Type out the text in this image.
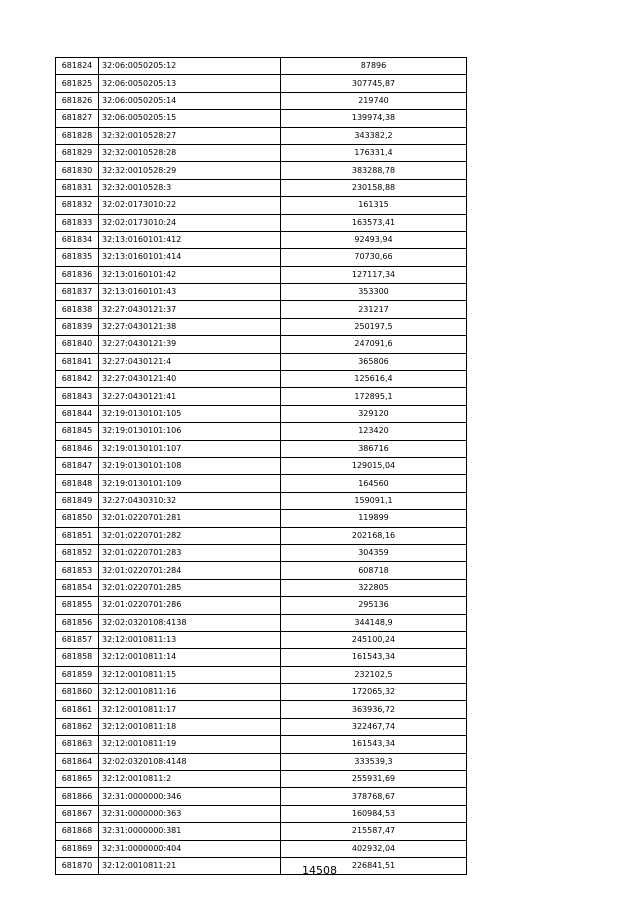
681824	32:06:0050205:12	87896
681825	32:06:0050205:13	307745,87
681826	32:06:0050205:14	219740
681827	32:06:0050205:15	139974,38
681828	32:32:0010528:27	343382,2
681829	32:32:0010528:28	176331,4
681830	32:32:0010528:29	383288,78
681831	32:32:0010528:3	230158,88
681832	32:02:0173010:22	161315
681833	32:02:0173010:24	163573,41
681834	32:13:0160101:412	92493,94
681835	32:13:0160101:414	70730,66
681836	32:13:0160101:42	127117,34
681837	32:13:0160101:43	353300
681838	32:27:0430121:37	231217
681839	32:27:0430121:38	250197,5
681840	32:27:0430121:39	247091,6
681841	32:27:0430121:4	365806
681842	32:27:0430121:40	125616,4
681843	32:27:0430121:41	172895,1
681844	32:19:0130101:105	329120
681845	32:19:0130101:106	123420
681846	32:19:0130101:107	386716
681847	32:19:0130101:108	129015,04
681848	32:19:0130101:109	164560
681849	32:27:0430310:32	159091,1
681850	32:01:0220701:281	119899
681851	32:01:0220701:282	202168,16
681852	32:01:0220701:283	304359
681853	32:01:0220701:284	608718
681854	32:01:0220701:285	322805
681855	32:01:0220701:286	295136
681856	32:02:0320108:4138	344148,9
681857	32:12:0010811:13	245100,24
681858	32:12:0010811:14	161543,34
681859	32:12:0010811:15	232102,5
681860	32:12:0010811:16	172065,32
681861	32:12:0010811:17	363936,72
681862	32:12:0010811:18	322467,74
681863	32:12:0010811:19	161543,34
681864	32:02:0320108:4148	333539,3
681865	32:12:0010811:2	255931,69
681866	32:31:0000000:346	378768,67
681867	32:31:0000000:363	160984,53
681868	32:31:0000000:381	215587,47
681869	32:31:0000000:404	402932,04
681870	32:12:0010811:21	226841,51
14508
